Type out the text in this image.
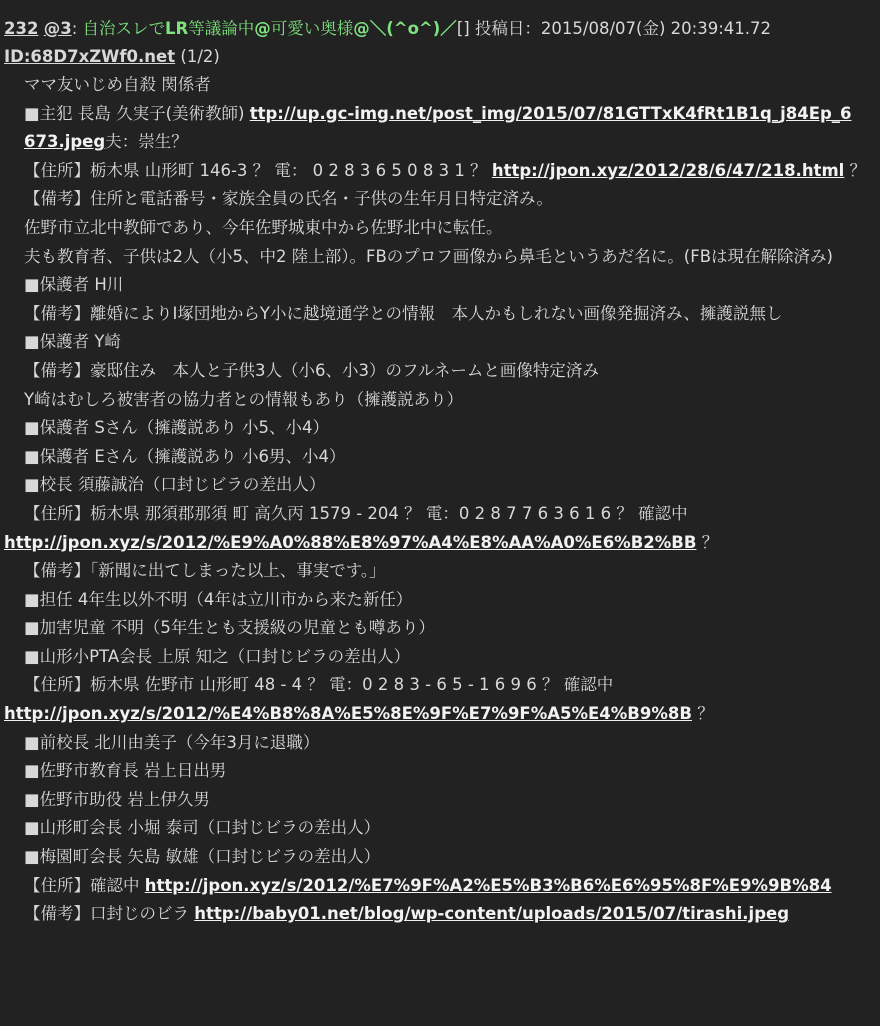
232 @3: 自治スレでLR等議論中@可愛い奥様@＼(^o^)／[] 投稿日：2015/08/07(金) 20:39:41.72
ID:68D7xZWf0.net (1/2)
ママ友いじめ自殺 関係者
■主犯 長島 久実子(美術教師) ttp://up.gc-img.net/post_img/2015/07/81GTTxK4fRt1B1q_j84Ep_6673.jpeg夫：崇生？
【住所】栃木県 山形町 146-3 ？ 電： 0 2 8 3 6 5 0 8 3 1 ？ http://jpon.xyz/2012/28/6/47/218.html ？
【備考】住所と電話番号・家族全員の氏名・子供の生年月日特定済み。
佐野市立北中教師であり、今年佐野城東中から佐野北中に転任。
夫も教育者、子供は2人（小5、中2 陸上部）。FBのプロフ画像から鼻毛というあだ名に。(FBは現在解除済み)
■保護者 H川
【備考】離婚によりI塚団地からY小に越境通学との情報　本人かもしれない画像発掘済み、擁護説無し
■保護者 Y崎
【備考】豪邸住み　本人と子供3人（小6、小3）のフルネームと画像特定済み
Y崎はむしろ被害者の協力者との情報もあり（擁護説あり）
■保護者 Sさん（擁護説あり 小5、小4）
■保護者 Eさん（擁護説あり 小6男、小4）
■校長 須藤誠治（口封じビラの差出人）
【住所】栃木県 那須郡那須 町 高久丙 1579 - 204 ？ 電：0 2 8 7 7 6 3 6 1 6 ？ 確認中
http://jpon.xyz/s/2012/%E9%A0%88%E8%97%A4%E8%AA%A0%E6%B2%BB ？
【備考】「新聞に出てしまった以上、事実です。」
■担任 4年生以外不明（4年は立川市から来た新任）
■加害児童 不明（5年生とも支援級の児童とも噂あり）
■山形小PTA会長 上原 知之（口封じビラの差出人）
【住所】栃木県 佐野市 山形町 48 - 4 ？ 電：0 2 8 3 - 6 5 - 1 6 9 6 ？ 確認中
http://jpon.xyz/s/2012/%E4%B8%8A%E5%8E%9F%E7%9F%A5%E4%B9%8B ？
■前校長 北川由美子（今年3月に退職）
■佐野市教育長 岩上日出男
■佐野市助役 岩上伊久男
■山形町会長 小堀 泰司（口封じビラの差出人）
■梅園町会長 矢島 敏雄（口封じビラの差出人）
【住所】確認中 http://jpon.xyz/s/2012/%E7%9F%A2%E5%B3%B6%E6%95%8F%E9%9B%84
【備考】口封じのビラ http://baby01.net/blog/wp-content/uploads/2015/07/tirashi.jpeg
